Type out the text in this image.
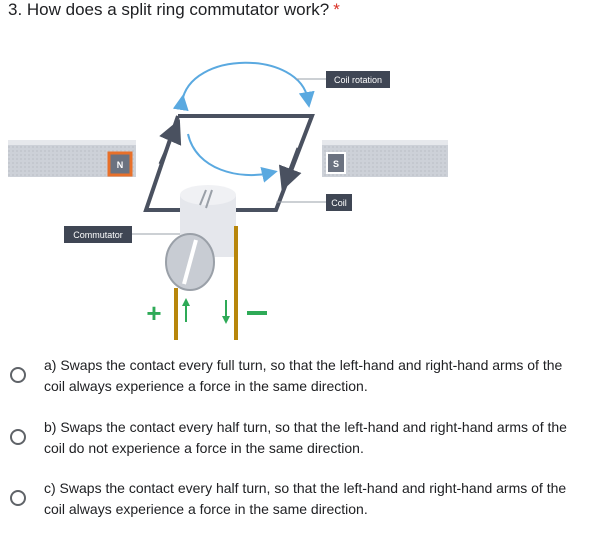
3. How does a split ring commutator work? *
N	S
+
Coil rotation
Coil
Commutator
a) Swaps the contact every full turn, so that the left-hand and right-hand arms of the
coil always experience a force in the same direction.
b) Swaps the contact every half turn, so that the left-hand and right-hand arms of the
coil do not experience a force in the same direction.
c) Swaps the contact every half turn, so that the left-hand and right-hand arms of the
coil always experience a force in the same direction.
